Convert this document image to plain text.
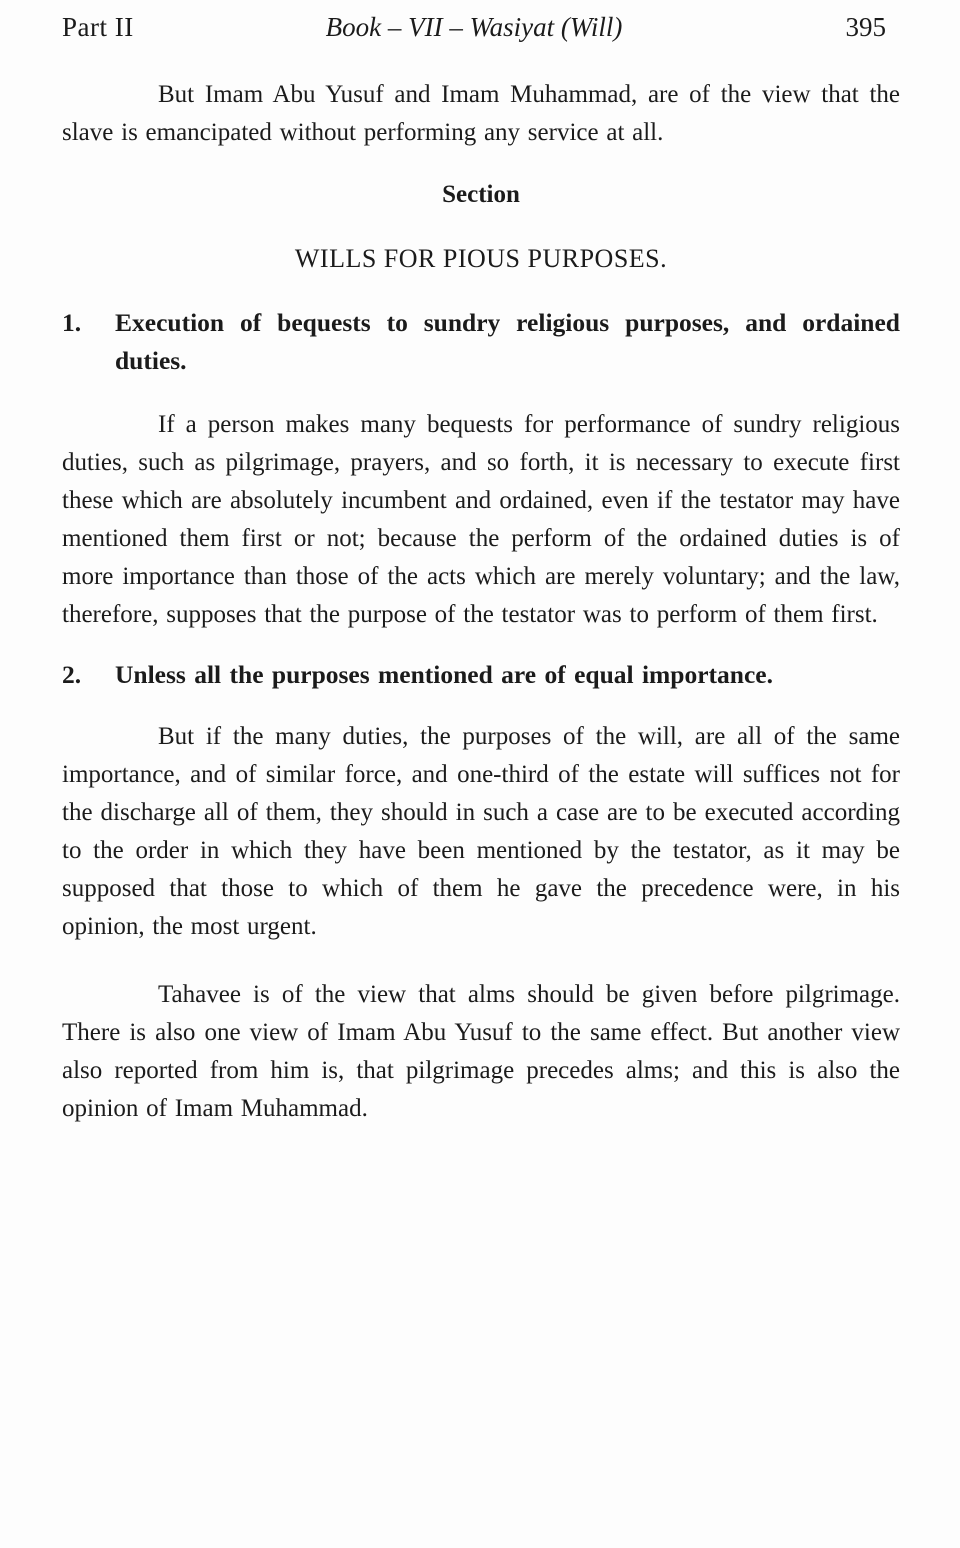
Part II	Book – VII – Wasiyat (Will)	395

But Imam Abu Yusuf and Imam Muhammad, are of the view that the slave is emancipated without performing any service at all.

Section
WILLS FOR PIOUS PURPOSES.
1. Execution of bequests to sundry religious purposes, and ordained duties.

If a person makes many bequests for performance of sundry religious duties, such as pilgrimage, prayers, and so forth, it is necessary to execute first these which are absolutely incumbent and ordained, even if the testator may have mentioned them first or not; because the perform of the ordained duties is of more importance than those of the acts which are merely voluntary; and the law, therefore, supposes that the purpose of the testator was to perform of them first.

2. Unless all the purposes mentioned are of equal importance.

But if the many duties, the purposes of the will, are all of the same importance, and of similar force, and one-third of the estate will suffices not for the discharge all of them, they should in such a case are to be executed according to the order in which they have been mentioned by the testator, as it may be supposed that those to which of them he gave the precedence were, in his opinion, the most urgent.

Tahavee is of the view that alms should be given before pilgrimage. There is also one view of Imam Abu Yusuf to the same effect. But another view also reported from him is, that pilgrimage precedes alms; and this is also the opinion of Imam Muhammad.
